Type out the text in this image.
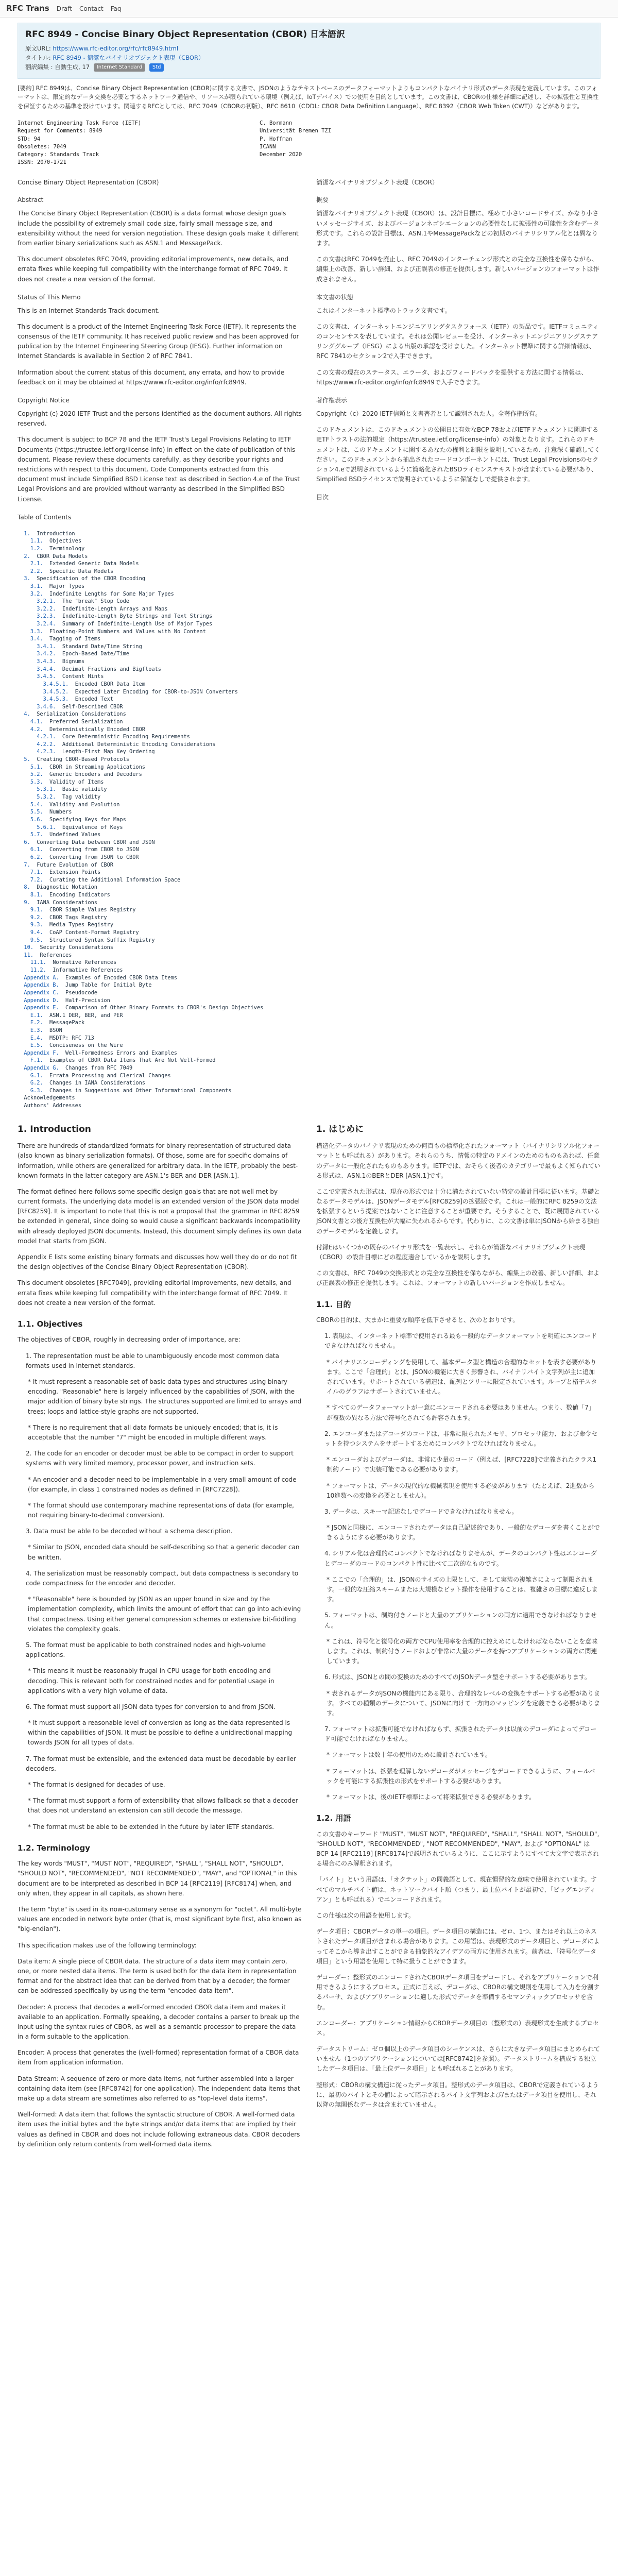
RFC Trans Draft Contact Faq
RFC 8949 - Concise Binary Object Representation (CBOR) 日本語訳
原文URL: https://www.rfc-editor.org/rfc/rfc8949.html
タイトル: RFC 8949 - 簡潔なバイナリオブジェクト表現（CBOR）
翻訳編集 : 自動生成, 17 Internet Standard Std
[要約] RFC 8949は、Concise Binary Object Representation (CBOR)に関する文書で、JSONのようなテキストベースのデータフォーマットよりもコンパクトなバイナリ形式のデータ表現を定義しています。このフォーマットは、限定的なデータ交換を必要とするネットワーク通信や、リソースが限られている環境（例えば、IoTデバイス）での使用を目的としています。この文書は、CBORの仕様を詳細に記述し、その拡張性と互換性を保証するための基準を設けています。関連するRFCとしては、RFC 7049（CBORの初版）、RFC 8610（CDDL: CBOR Data Definition Language）、RFC 8392（CBOR Web Token (CWT)）などがあります。
Internet Engineering Task Force (IETF)	C. Bormann
Request for Comments: 8949	Universität Bremen TZI
STD: 94	P. Hoffman
Obsoletes: 7049	ICANN
Category: Standards Track	December 2020
ISSN: 2070-1721
Concise Binary Object Representation (CBOR)
Abstract

The Concise Binary Object Representation (CBOR) is a data format whose design goals include the possibility of extremely small code size, fairly small message size, and extensibility without the need for version negotiation. These design goals make it different from earlier binary serializations such as ASN.1 and MessagePack.

This document obsoletes RFC 7049, providing editorial improvements, new details, and errata fixes while keeping full compatibility with the interchange format of RFC 7049. It does not create a new version of the format.

Status of This Memo

This is an Internet Standards Track document.

This document is a product of the Internet Engineering Task Force (IETF). It represents the consensus of the IETF community. It has received public review and has been approved for publication by the Internet Engineering Steering Group (IESG). Further information on Internet Standards is available in Section 2 of RFC 7841.

Information about the current status of this document, any errata, and how to provide feedback on it may be obtained at https://www.rfc-editor.org/info/rfc8949.

Copyright Notice

Copyright (c) 2020 IETF Trust and the persons identified as the document authors. All rights reserved.

This document is subject to BCP 78 and the IETF Trust's Legal Provisions Relating to IETF Documents (https://trustee.ietf.org/license-info) in effect on the date of publication of this document. Please review these documents carefully, as they describe your rights and restrictions with respect to this document. Code Components extracted from this document must include Simplified BSD License text as described in Section 4.e of the Trust Legal Provisions and are provided without warranty as described in the Simplified BSD License.

Table of Contents
簡潔なバイナリオブジェクト表現（CBOR）
概要

簡潔なバイナリオブジェクト表現（CBOR）は、設計目標に、極めて小さいコードサイズ、かなり小さいメッセージサイズ、およびバージョンネゴシエーションの必要性なしに拡張性の可能性を含むデータ形式です。これらの設計目標は、ASN.1やMessagePackなどの初期のバイナリシリアル化とは異なります。

この文書はRFC 7049を廃止し、RFC 7049のインターチェンジ形式との完全な互換性を保ちながら、編集上の改善、新しい詳細、および正誤表の修正を提供します。新しいバージョンのフォーマットは作成されません。

本文書の状態

これはインターネット標準のトラック文書です。

この文書は、インターネットエンジニアリングタスクフォース（IETF）の製品です。IETFコミュニティのコンセンサスを表しています。それは公開レビューを受け、インターネットエンジニアリングステアリンググループ（IESG）による出版の承認を受けました。インターネット標準に関する詳細情報は、RFC 7841のセクション2で入手できます。

この文書の現在のステータス、エラータ、およびフィードバックを提供する方法に関する情報は、https://www.rfc-editor.org/info/rfc8949で入手できます。

著作権表示

Copyright（c）2020 IETF信頼と文書著者として識別された人。全著作権所有。

このドキュメントは、このドキュメントの公開日に有効なBCP 78およびIETFドキュメントに関連するIETFトラストの法的規定（https://trustee.ietf.org/license-info）の対象となります。これらのドキュメントは、このドキュメントに関するあなたの権利と制限を説明しているため、注意深く確認してください。このドキュメントから抽出されたコードコンポーネントには、Trust Legal Provisionsのセクション4.eで説明されているように簡略化されたBSDライセンステキストが含まれている必要があり、Simplified BSDライセンスで説明されているように保証なしで提供されます。

目次
1. Introduction
1.1. Objectives
1.2. Terminology
2. CBOR Data Models
2.1. Extended Generic Data Models
2.2. Specific Data Models
3. Specification of the CBOR Encoding
3.1. Major Types
3.2. Indefinite Lengths for Some Major Types
3.2.1. The "break" Stop Code
3.2.2. Indefinite-Length Arrays and Maps
3.2.3. Indefinite-Length Byte Strings and Text Strings
3.2.4. Summary of Indefinite-Length Use of Major Types
3.3. Floating-Point Numbers and Values with No Content
3.4. Tagging of Items
3.4.1. Standard Date/Time String
3.4.2. Epoch-Based Date/Time
3.4.3. Bignums
3.4.4. Decimal Fractions and Bigfloats
3.4.5. Content Hints
3.4.5.1. Encoded CBOR Data Item
3.4.5.2. Expected Later Encoding for CBOR-to-JSON Converters
3.4.5.3. Encoded Text
3.4.6. Self-Described CBOR
4. Serialization Considerations
4.1. Preferred Serialization
4.2. Deterministically Encoded CBOR
4.2.1. Core Deterministic Encoding Requirements
4.2.2. Additional Deterministic Encoding Considerations
4.2.3. Length-First Map Key Ordering
5. Creating CBOR-Based Protocols
5.1. CBOR in Streaming Applications
5.2. Generic Encoders and Decoders
5.3. Validity of Items
5.3.1. Basic validity
5.3.2. Tag validity
5.4. Validity and Evolution
5.5. Numbers
5.6. Specifying Keys for Maps
5.6.1. Equivalence of Keys
5.7. Undefined Values
6. Converting Data between CBOR and JSON
6.1. Converting from CBOR to JSON
6.2. Converting from JSON to CBOR
7. Future Evolution of CBOR
7.1. Extension Points
7.2. Curating the Additional Information Space
8. Diagnostic Notation
8.1. Encoding Indicators
9. IANA Considerations
9.1. CBOR Simple Values Registry
9.2. CBOR Tags Registry
9.3. Media Types Registry
9.4. CoAP Content-Format Registry
9.5. Structured Syntax Suffix Registry
10. Security Considerations
11. References
11.1. Normative References
11.2. Informative References
Appendix A. Examples of Encoded CBOR Data Items
Appendix B. Jump Table for Initial Byte
Appendix C. Pseudocode
Appendix D. Half-Precision
Appendix E. Comparison of Other Binary Formats to CBOR's Design Objectives
E.1. ASN.1 DER, BER, and PER
E.2. MessagePack
E.3. BSON
E.4. MSDTP: RFC 713
E.5. Conciseness on the Wire
Appendix F. Well-Formedness Errors and Examples
F.1. Examples of CBOR Data Items That Are Not Well-Formed
Appendix G. Changes from RFC 7049
G.1. Errata Processing and Clerical Changes
G.2. Changes in IANA Considerations
G.3. Changes in Suggestions and Other Informational Components
Acknowledgements
Authors' Addresses
1. Introduction

There are hundreds of standardized formats for binary representation of structured data (also known as binary serialization formats). Of those, some are for specific domains of information, while others are generalized for arbitrary data. In the IETF, probably the best-known formats in the latter category are ASN.1's BER and DER [ASN.1].

The format defined here follows some specific design goals that are not well met by current formats. The underlying data model is an extended version of the JSON data model [RFC8259]. It is important to note that this is not a proposal that the grammar in RFC 8259 be extended in general, since doing so would cause a significant backwards incompatibility with already deployed JSON documents. Instead, this document simply defines its own data model that starts from JSON.

Appendix E lists some existing binary formats and discusses how well they do or do not fit the design objectives of the Concise Binary Object Representation (CBOR).

This document obsoletes [RFC7049], providing editorial improvements, new details, and errata fixes while keeping full compatibility with the interchange format of RFC 7049. It does not create a new version of the format.

1.1. Objectives

The objectives of CBOR, roughly in decreasing order of importance, are:

1. The representation must be able to unambiguously encode most common data formats used in Internet standards.

* It must represent a reasonable set of basic data types and structures using binary encoding. "Reasonable" here is largely influenced by the capabilities of JSON, with the major addition of binary byte strings. The structures supported are limited to arrays and trees; loops and lattice-style graphs are not supported.

* There is no requirement that all data formats be uniquely encoded; that is, it is acceptable that the number "7" might be encoded in multiple different ways.

2. The code for an encoder or decoder must be able to be compact in order to support systems with very limited memory, processor power, and instruction sets.

* An encoder and a decoder need to be implementable in a very small amount of code (for example, in class 1 constrained nodes as defined in [RFC7228]).

* The format should use contemporary machine representations of data (for example, not requiring binary-to-decimal conversion).

3. Data must be able to be decoded without a schema description.

* Similar to JSON, encoded data should be self-describing so that a generic decoder can be written.

4. The serialization must be reasonably compact, but data compactness is secondary to code compactness for the encoder and decoder.

* "Reasonable" here is bounded by JSON as an upper bound in size and by the implementation complexity, which limits the amount of effort that can go into achieving that compactness. Using either general compression schemes or extensive bit-fiddling violates the complexity goals.

5. The format must be applicable to both constrained nodes and high-volume applications.

* This means it must be reasonably frugal in CPU usage for both encoding and decoding. This is relevant both for constrained nodes and for potential usage in applications with a very high volume of data.

6. The format must support all JSON data types for conversion to and from JSON.

* It must support a reasonable level of conversion as long as the data represented is within the capabilities of JSON. It must be possible to define a unidirectional mapping towards JSON for all types of data.

7. The format must be extensible, and the extended data must be decodable by earlier decoders.

* The format is designed for decades of use.

* The format must support a form of extensibility that allows fallback so that a decoder that does not understand an extension can still decode the message.

* The format must be able to be extended in the future by later IETF standards.

1.2. Terminology

The key words "MUST", "MUST NOT", "REQUIRED", "SHALL", "SHALL NOT", "SHOULD", "SHOULD NOT", "RECOMMENDED", "NOT RECOMMENDED", "MAY", and "OPTIONAL" in this document are to be interpreted as described in BCP 14 [RFC2119] [RFC8174] when, and only when, they appear in all capitals, as shown here.

The term "byte" is used in its now-customary sense as a synonym for "octet". All multi-byte values are encoded in network byte order (that is, most significant byte first, also known as "big-endian").

This specification makes use of the following terminology:

Data item: A single piece of CBOR data. The structure of a data item may contain zero, one, or more nested data items. The term is used both for the data item in representation format and for the abstract idea that can be derived from that by a decoder; the former can be addressed specifically by using the term "encoded data item".

Decoder: A process that decodes a well-formed encoded CBOR data item and makes it available to an application. Formally speaking, a decoder contains a parser to break up the input using the syntax rules of CBOR, as well as a semantic processor to prepare the data in a form suitable to the application.

Encoder: A process that generates the (well-formed) representation format of a CBOR data item from application information.

Data Stream: A sequence of zero or more data items, not further assembled into a larger containing data item (see [RFC8742] for one application). The independent data items that make up a data stream are sometimes also referred to as "top-level data items".

Well-formed: A data item that follows the syntactic structure of CBOR. A well-formed data item uses the initial bytes and the byte strings and/or data items that are implied by their values as defined in CBOR and does not include following extraneous data. CBOR decoders by definition only return contents from well-formed data items.

1. はじめに

構造化データのバイナリ表現のための何百もの標準化されたフォーマット（バイナリシリアル化フォーマットとも呼ばれる）があります。それらのうち、情報の特定のドメインのためのものもあれば、任意のデータに一般化されたものもあります。IETFでは、おそらく後者のカテゴリーで最もよく知られている形式は、ASN.1のBERとDER [ASN.1]です。

ここで定義された形式は、現在の形式では十分に満たされていない特定の設計目標に従います。基礎となるデータモデルは、JSONデータモデル[RFC8259]の拡張版です。これは一般的にRFC 8259の文法を拡張するという提案ではないことに注意することが重要です。そうすることで、既に展開されているJSON文書との後方互換性が大幅に失われるからです。代わりに、この文書は単にJSONから始まる独自のデータモデルを定義します。

付録Eはいくつかの既存のバイナリ形式を一覧表示し、それらが簡潔なバイナリオブジェクト表現（CBOR）の設計目標にどの程度適合しているかを説明します。

この文書は、RFC 7049の交換形式との完全な互換性を保ちながら、編集上の改善、新しい詳細、および正誤表の修正を提供します。これは、フォーマットの新しいバージョンを作成しません。

1.1. 目的

CBORの目的は、大まかに重要な順序を低下させると、次のとおりです。

1. 表現は、インターネット標準で使用される最も一般的なデータフォーマットを明確にエンコードできなければなりません。

* バイナリエンコーディングを使用して、基本データ型と構造の合理的なセットを表す必要があります。ここで「合理的」とは、JSONの機能に大きく影響され、バイナリバイト文字列が主に追加されています。サポートされている構造は、配列とツリーに限定されています。ループと格子スタイルのグラフはサポートされていません。

* すべてのデータフォーマットが一意にエンコードされる必要はありません。つまり、数値「7」が複数の異なる方法で符号化されても許容されます。

2. エンコーダまたはデコーダのコードは、非常に限られたメモリ、プロセッサ能力、および命令セットを持つシステムをサポートするためにコンパクトでなければなりません。

* エンコーダおよびデコーダは、非常に少量のコード（例えば、[RFC7228]で定義されたクラス1制約ノード）で実装可能である必要があります。

* フォーマットは、データの現代的な機械表現を使用する必要があります（たとえば、2進数から10進数への変換を必要としません）。

3. データは、スキーマ記述なしでデコードできなければなりません。

* JSONと同様に、エンコードされたデータは自己記述的であり、一般的なデコーダを書くことができるようにする必要があります。

4. シリアル化は合理的にコンパクトでなければなりませんが、データのコンパクト性はエンコーダとデコーダのコードのコンパクト性に比べて二次的なものです。

* ここでの「合理的」は、JSONのサイズの上限として、そして実装の複雑さによって制限されます。一般的な圧縮スキームまたは大規模なビット操作を使用することは、複雑さの目標に違反します。

5. フォーマットは、制約付きノードと大量のアプリケーションの両方に適用できなければなりません。

* これは、符号化と復号化の両方でCPU使用率を合理的に控えめにしなければならないことを意味します。これは、制約付きノードおよび非常に大量のデータを持つアプリケーションの両方に関連しています。

6. 形式は、JSONとの間の変換のためのすべてのJSONデータ型をサポートする必要があります。

* 表されるデータがJSONの機能内にある限り、合理的なレベルの変換をサポートする必要があります。すべての種類のデータについて、JSONに向けて一方向のマッピングを定義できる必要があります。

7. フォーマットは拡張可能でなければならず、拡張されたデータは以前のデコーダによってデコード可能でなければなりません。

* フォーマットは数十年の使用のために設計されています。

* フォーマットは、拡張を理解しないデコーダがメッセージをデコードできるように、フォールバックを可能にする拡張性の形式をサポートする必要があります。

* フォーマットは、後のIETF標準によって将来拡張できる必要があります。

1.2. 用語

この文書のキーワード "MUST", "MUST NOT", "REQUIRED", "SHALL", "SHALL NOT", "SHOULD", "SHOULD NOT", "RECOMMENDED", "NOT RECOMMENDED", "MAY", および "OPTIONAL" はBCP 14 [RFC2119] [RFC8174]で説明されているように、ここに示すようにすべて大文字で表示される場合にのみ解釈されます。

「バイト」という用語は、「オクテット」の同義語として、現在慣習的な意味で使用されています。すべてのマルチバイト値は、ネットワークバイト順（つまり、最上位バイトが最初で、「ビッグエンディアン」とも呼ばれる）でエンコードされます。

この仕様は次の用語を使用します。

データ項目：CBORデータの単一の項目。データ項目の構造には、ゼロ、1つ、またはそれ以上のネストされたデータ項目が含まれる場合があります。この用語は、表現形式のデータ項目と、デコーダによってそこから導き出すことができる抽象的なアイデアの両方に使用されます。前者は、「符号化データ項目」という用語を使用して特に扱うことができます。

デコーダー：整形式のエンコードされたCBORデータ項目をデコードし、それをアプリケーションで利用できるようにするプロセス。正式に言えば、デコーダは、CBORの構文規則を使用して入力を分割するパーサ、およびアプリケーションに適した形式でデータを準備するセマンティックプロセッサを含む。

エンコーダー：アプリケーション情報からCBORデータ項目の（整形式の）表現形式を生成するプロセス。

データストリーム：ゼロ個以上のデータ項目のシーケンスは、さらに大きなデータ項目にまとめられていません（1つのアプリケーションについては[RFC8742]を参照）。データストリームを構成する独立したデータ項目は、「最上位データ項目」とも呼ばれることがあります。

整形式：CBORの構文構造に従ったデータ項目。整形式のデータ項目は、CBORで定義されているように、最初のバイトとその値によって暗示されるバイト文字列および/またはデータ項目を使用し、それ以降の無関係なデータは含まれていません。
